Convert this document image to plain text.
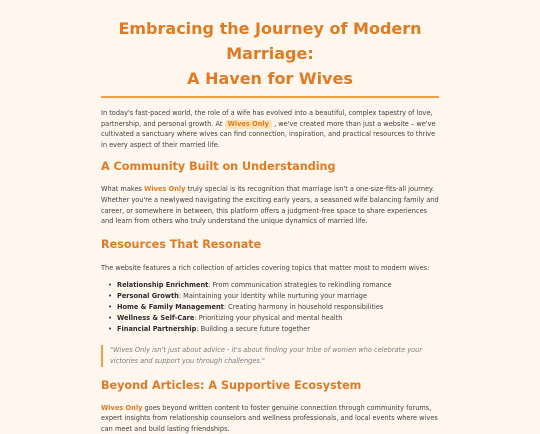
Embracing the Journey of Modern Marriage:
A Haven for Wives

In today's fast-paced world, the role of a wife has evolved into a beautiful, complex tapestry of love, partnership, and personal growth. At Wives Only , we've created more than just a website – we've cultivated a sanctuary where wives can find connection, inspiration, and practical resources to thrive in every aspect of their married life.

A Community Built on Understanding

What makes Wives Only truly special is its recognition that marriage isn't a one-size-fits-all journey. Whether you're a newlywed navigating the exciting early years, a seasoned wife balancing family and career, or somewhere in between, this platform offers a judgment-free space to share experiences and learn from others who truly understand the unique dynamics of married life.

Resources That Resonate

The website features a rich collection of articles covering topics that matter most to modern wives:

• Relationship Enrichment: From communication strategies to rekindling romance
• Personal Growth: Maintaining your identity while nurturing your marriage
• Home & Family Management: Creating harmony in household responsibilities
• Wellness & Self-Care: Prioritizing your physical and mental health
• Financial Partnership: Building a secure future together
"Wives Only isn't just about advice - it's about finding your tribe of women who celebrate your victories and support you through challenges."
Beyond Articles: A Supportive Ecosystem

Wives Only goes beyond written content to foster genuine connection through community forums, expert insights from relationship counselors and wellness professionals, and local events where wives can meet and build lasting friendships.
